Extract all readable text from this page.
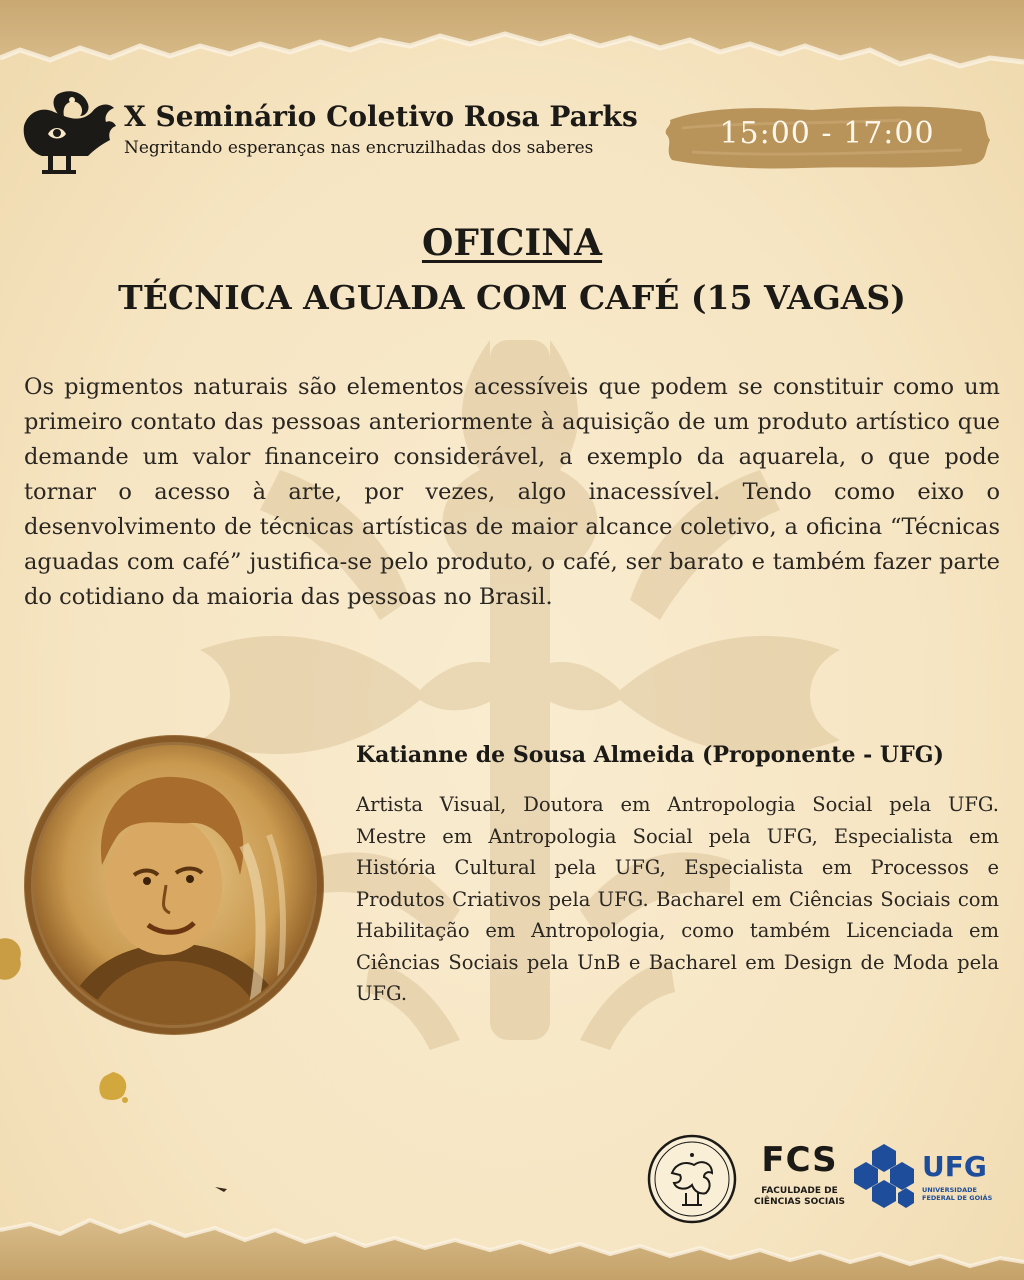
X Seminário Coletivo Rosa Parks
Negritando esperanças nas encruzilhadas dos saberes	15:00 - 17:00
OFICINA
TÉCNICA AGUADA COM CAFÉ (15 VAGAS)
Os pigmentos naturais são elementos acessíveis que podem se constituir como um primeiro contato das pessoas anteriormente à aquisição de um produto artístico que demande um valor financeiro considerável, a exemplo da aquarela, o que pode tornar o acesso à arte, por vezes, algo inacessível. Tendo como eixo o desenvolvimento de técnicas artísticas de maior alcance coletivo, a oficina “Técnicas aguadas com café” justifica-se pelo produto, o café, ser barato e também fazer parte do cotidiano da maioria das pessoas no Brasil.
Katianne de Sousa Almeida (Proponente - UFG)
Artista Visual, Doutora em Antropologia Social pela UFG. Mestre em Antropologia Social pela UFG, Especialista em História Cultural pela UFG, Especialista em Processos e Produtos Criativos pela UFG. Bacharel em Ciências Sociais com Habilitação em Antropologia, como também Licenciada em Ciências Sociais pela UnB e Bacharel em Design de Moda pela UFG.
FCS
FACULDADE DE
CIÊNCIAS SOCIAIS
UFG
UNIVERSIDADE
FEDERAL DE GOIÁS
